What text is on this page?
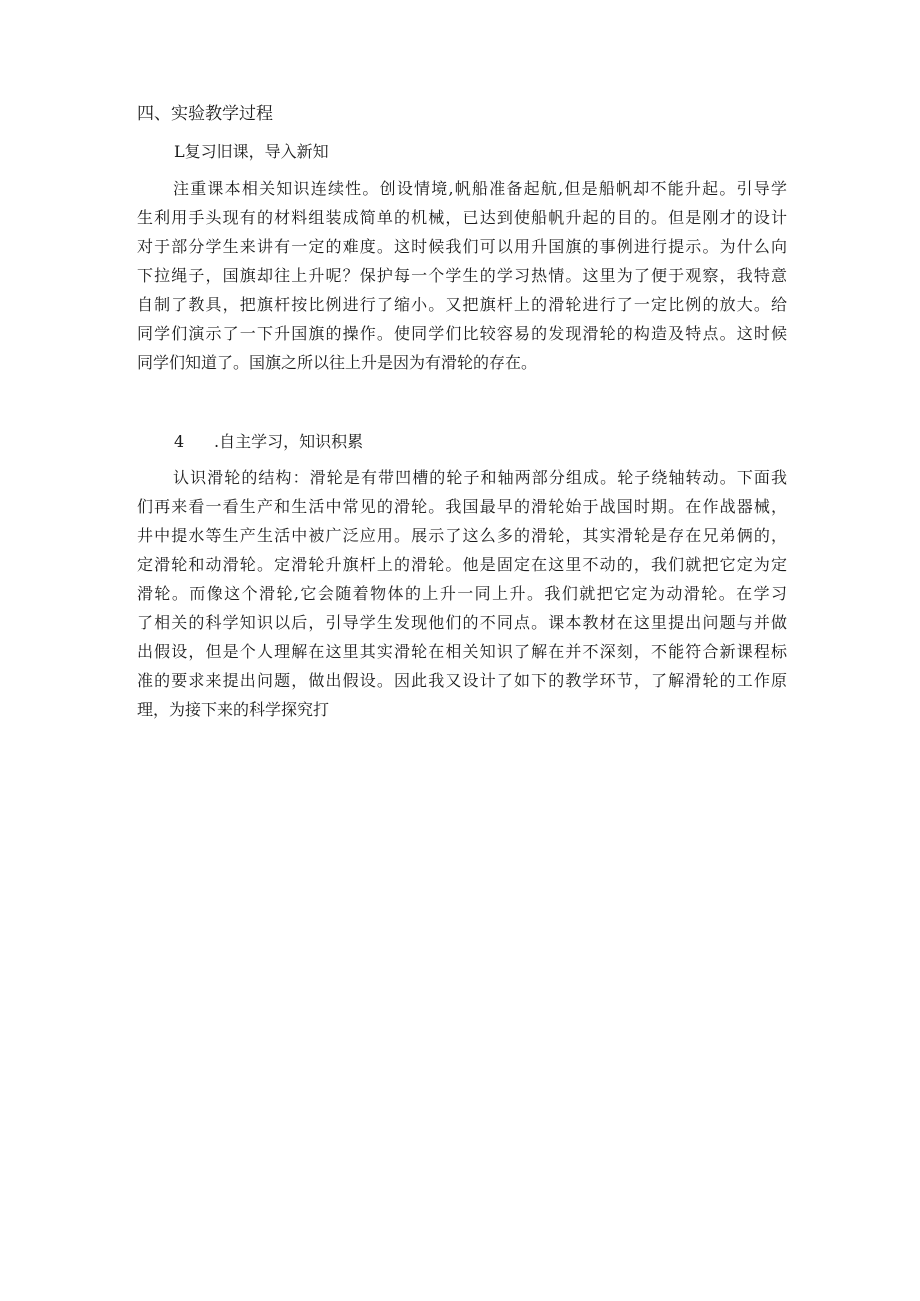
四、实验教学过程
L复习旧课，导入新知
注重课本相关知识连续性。创设情境,帆船准备起航,但是船帆却不能升起。引导学
生利用手头现有的材料组装成简单的机械，已达到使船帆升起的目的。但是刚才的设计
对于部分学生来讲有一定的难度。这时候我们可以用升国旗的事例进行提示。为什么向
下拉绳子，国旗却往上升呢？保护每一个学生的学习热情。这里为了便于观察，我特意
自制了教具，把旗杆按比例进行了缩小。又把旗杆上的滑轮进行了一定比例的放大。给
同学们演示了一下升国旗的操作。使同学们比较容易的发现滑轮的构造及特点。这时候
同学们知道了。国旗之所以往上升是因为有滑轮的存在。
4 .自主学习，知识积累
认识滑轮的结构：滑轮是有带凹槽的轮子和轴两部分组成。轮子绕轴转动。下面我
们再来看一看生产和生活中常见的滑轮。我国最早的滑轮始于战国时期。在作战器械，
井中提水等生产生活中被广泛应用。展示了这么多的滑轮，其实滑轮是存在兄弟俩的，
定滑轮和动滑轮。定滑轮升旗杆上的滑轮。他是固定在这里不动的，我们就把它定为定
滑轮。而像这个滑轮,它会随着物体的上升一同上升。我们就把它定为动滑轮。在学习
了相关的科学知识以后，引导学生发现他们的不同点。课本教材在这里提出问题与并做
出假设，但是个人理解在这里其实滑轮在相关知识了解在并不深刻，不能符合新课程标
准的要求来提出问题，做出假设。因此我又设计了如下的教学环节，了解滑轮的工作原
理，为接下来的科学探究打
